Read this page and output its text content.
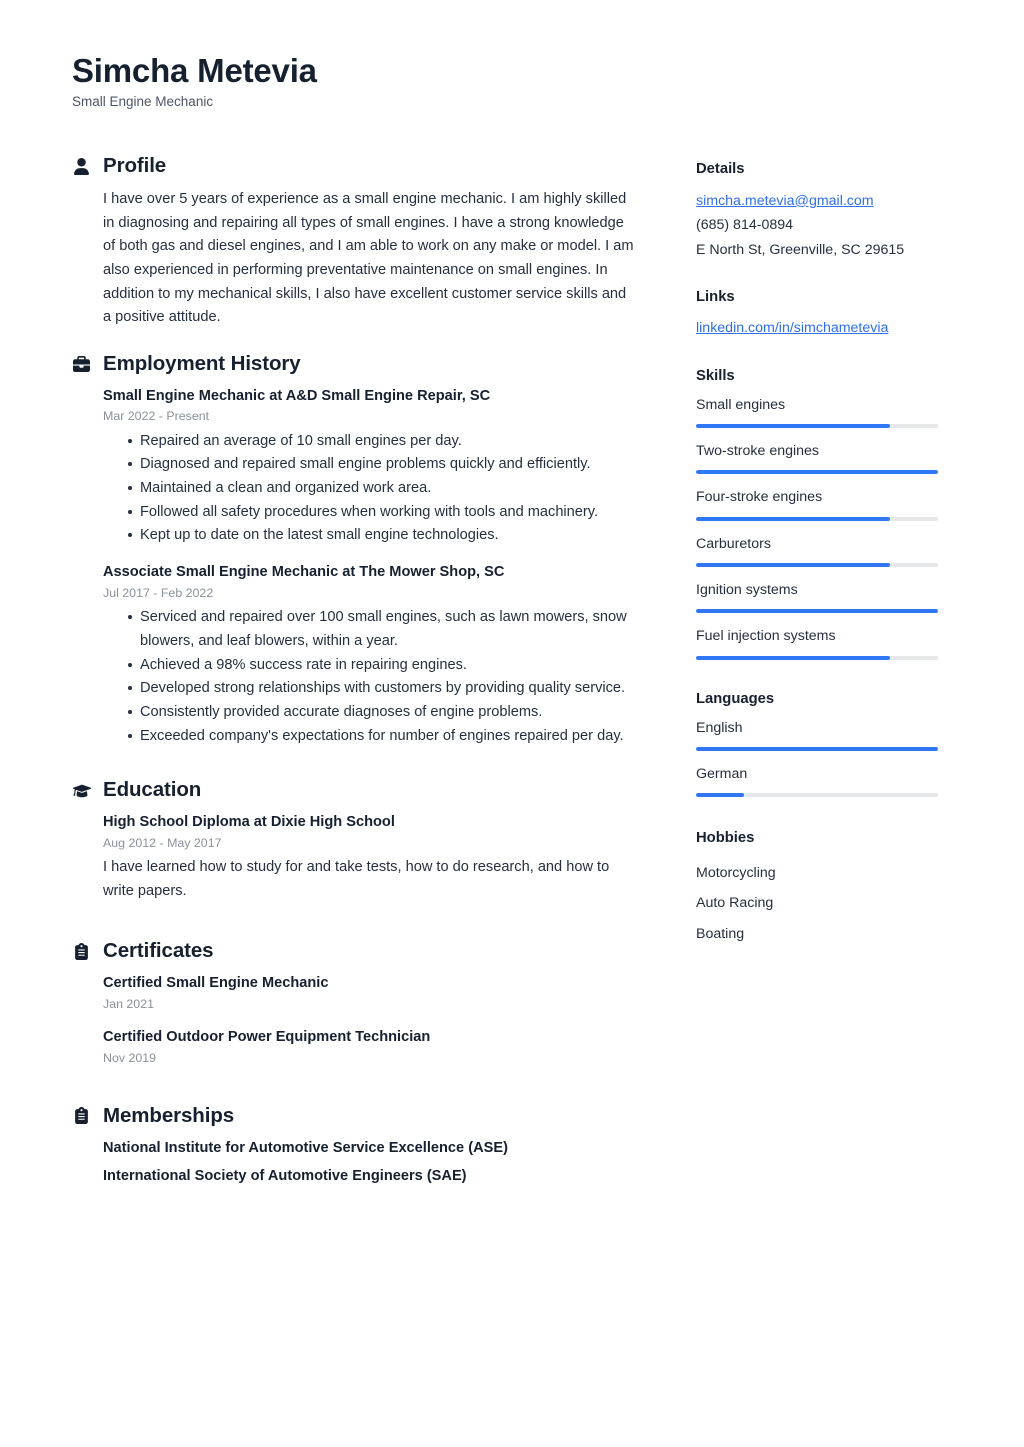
Simcha Metevia
Small Engine Mechanic
Profile
I have over 5 years of experience as a small engine mechanic. I am highly skilled in diagnosing and repairing all types of small engines. I have a strong knowledge of both gas and diesel engines, and I am able to work on any make or model. I am also experienced in performing preventative maintenance on small engines. In addition to my mechanical skills, I also have excellent customer service skills and a positive attitude.
Employment History
Small Engine Mechanic at A&D Small Engine Repair, SC
Mar 2022 - Present
Repaired an average of 10 small engines per day.
Diagnosed and repaired small engine problems quickly and efficiently.
Maintained a clean and organized work area.
Followed all safety procedures when working with tools and machinery.
Kept up to date on the latest small engine technologies.
Associate Small Engine Mechanic at The Mower Shop, SC
Jul 2017 - Feb 2022
Serviced and repaired over 100 small engines, such as lawn mowers, snow blowers, and leaf blowers, within a year.
Achieved a 98% success rate in repairing engines.
Developed strong relationships with customers by providing quality service.
Consistently provided accurate diagnoses of engine problems.
Exceeded company's expectations for number of engines repaired per day.
Education
High School Diploma at Dixie High School
Aug 2012 - May 2017
I have learned how to study for and take tests, how to do research, and how to write papers.
Certificates
Certified Small Engine Mechanic
Jan 2021
Certified Outdoor Power Equipment Technician
Nov 2019
Memberships
National Institute for Automotive Service Excellence (ASE)
International Society of Automotive Engineers (SAE)
Details
simcha.metevia@gmail.com
(685) 814-0894
E North St, Greenville, SC 29615
Links
linkedin.com/in/simchametevia
Skills
Small engines
Two-stroke engines
Four-stroke engines
Carburetors
Ignition systems
Fuel injection systems
Languages
English
German
Hobbies
Motorcycling
Auto Racing
Boating
